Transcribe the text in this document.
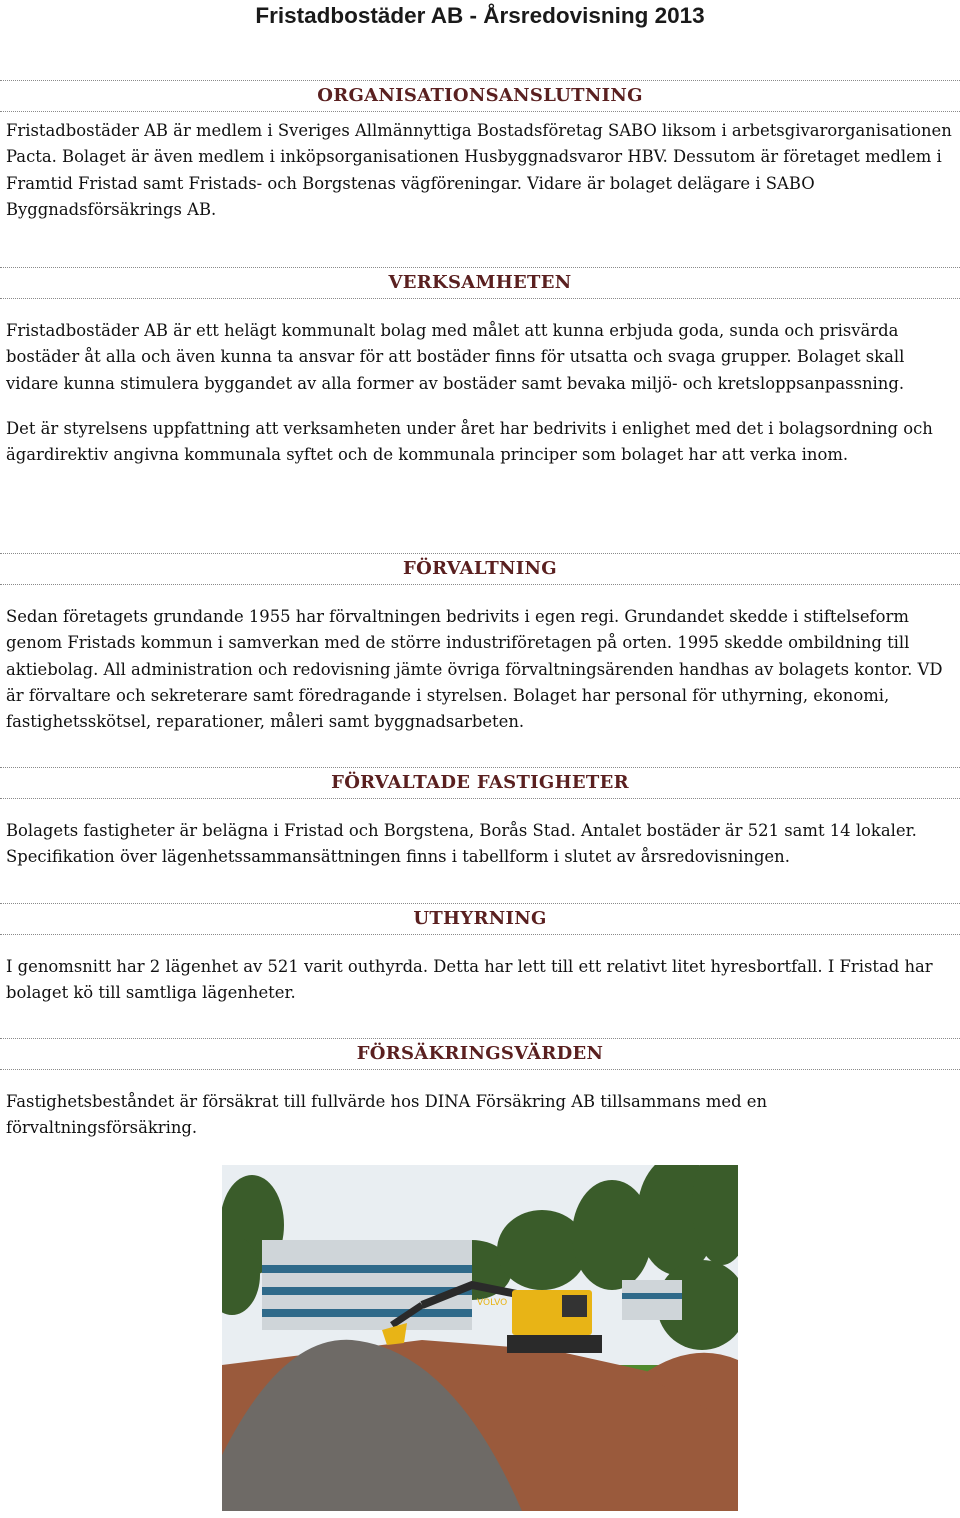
Fristadbostäder AB - Årsredovisning 2013
ORGANISATIONSANSLUTNING

Fristadbostäder AB är medlem i Sveriges Allmännyttiga Bostadsföretag SABO liksom i arbetsgivarorganisationen Pacta. Bolaget är även medlem i inköpsorganisationen Husbyggnadsvaror HBV. Dessutom är företaget medlem i Framtid Fristad samt Fristads- och Borgstenas vägföreningar. Vidare är bolaget delägare i SABO Byggnadsförsäkrings AB.

VERKSAMHETEN

Fristadbostäder AB är ett helägt kommunalt bolag med målet att kunna erbjuda goda, sunda och prisvärda bostäder åt alla och även kunna ta ansvar för att bostäder finns för utsatta och svaga grupper. Bolaget skall vidare kunna stimulera byggandet av alla former av bostäder samt bevaka miljö- och kretsloppsanpassning.

Det är styrelsens uppfattning att verksamheten under året har bedrivits i enlighet med det i bolagsordning och ägardirektiv angivna kommunala syftet och de kommunala principer som bolaget har att verka inom.

FÖRVALTNING

Sedan företagets grundande 1955 har förvaltningen bedrivits i egen regi. Grundandet skedde i stiftelseform genom Fristads kommun i samverkan med de större industriföretagen på orten. 1995 skedde ombildning till aktiebolag. All administration och redovisning jämte övriga förvaltningsärenden handhas av bolagets kontor. VD är förvaltare och sekreterare samt föredragande i styrelsen. Bolaget har personal för uthyrning, ekonomi, fastighetsskötsel, reparationer, måleri samt byggnadsarbeten.

FÖRVALTADE FASTIGHETER

Bolagets fastigheter är belägna i Fristad och Borgstena, Borås Stad. Antalet bostäder är 521 samt 14 lokaler. Specifikation över lägenhetssammansättningen finns i tabellform i slutet av årsredovisningen.

UTHYRNING

I genomsnitt har 2 lägenhet av 521 varit outhyrda. Detta har lett till ett relativt litet hyresbortfall. I Fristad har bolaget kö till samtliga lägenheter.

FÖRSÄKRINGSVÄRDEN

Fastighetsbeståndet är försäkrat till fullvärde hos DINA Försäkring AB tillsammans med en förvaltningsförsäkring.

VOLVO
